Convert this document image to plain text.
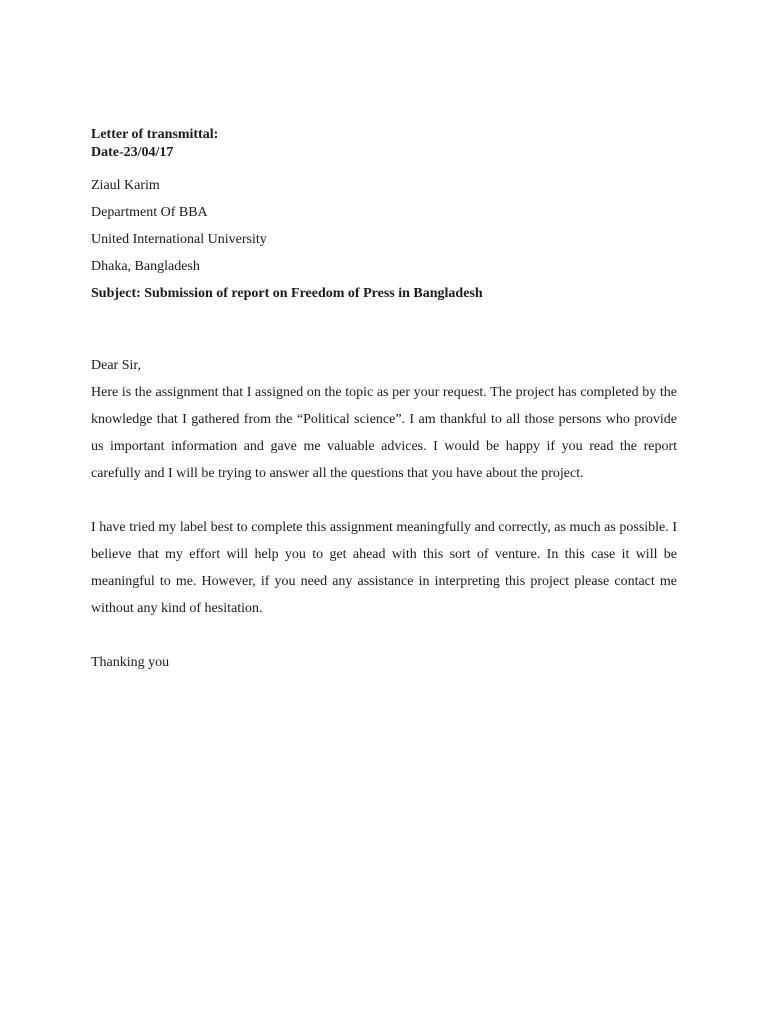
Letter of transmittal:

Date-23/04/17

Ziaul Karim

Department Of BBA

United International University

Dhaka, Bangladesh

Subject: Submission of report on Freedom of Press in Bangladesh

Dear Sir,

Here is the assignment that I assigned on the topic as per your request. The project has completed by the knowledge that I gathered from the “Political science”. I am thankful to all those persons who provide us important information and gave me valuable advices. I would be happy if you read the report carefully and I will be trying to answer all the questions that you have about the project.

I have tried my label best to complete this assignment meaningfully and correctly, as much as possible. I believe that my effort will help you to get ahead with this sort of venture. In this case it will be meaningful to me. However, if you need any assistance in interpreting this project please contact me without any kind of hesitation.

Thanking you
